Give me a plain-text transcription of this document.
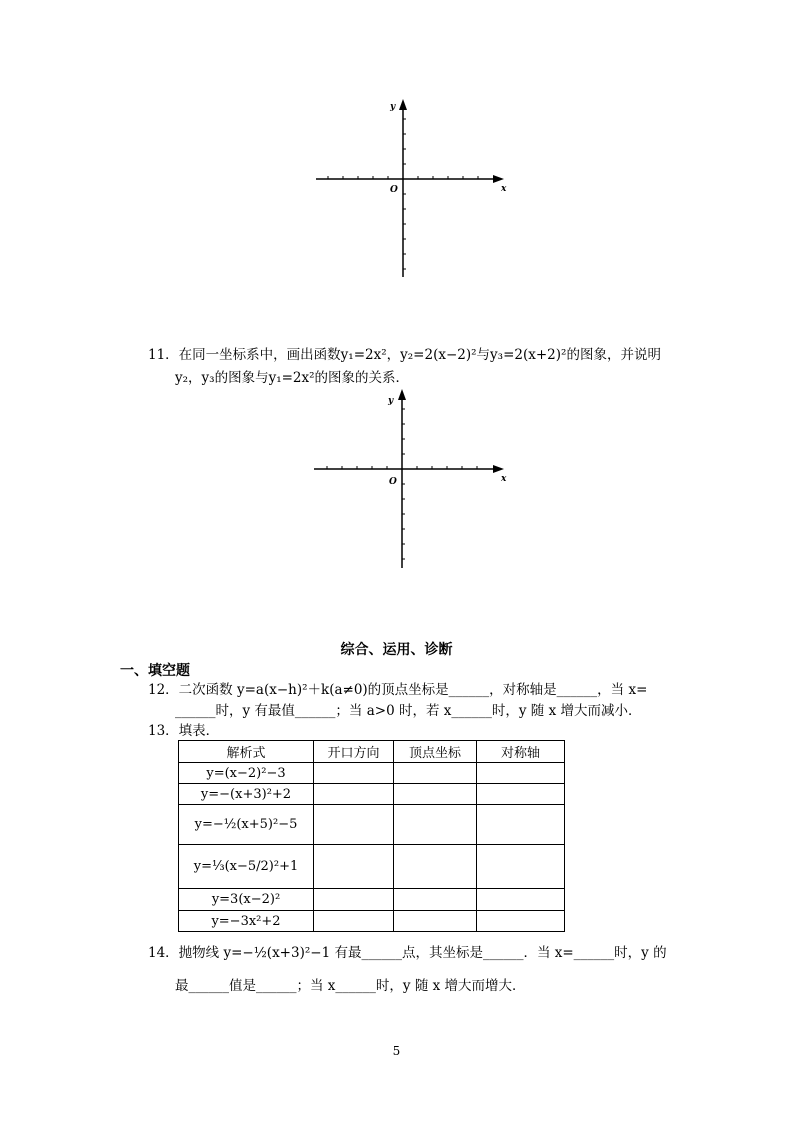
x
y
O
11．在同一坐标系中，画出函数y₁=2x²，y₂=2(x−2)²与y₃=2(x+2)²的图象，并说明
y₂，y₃的图象与y₁=2x²的图象的关系．
x
y
O
综合、运用、诊断
一、填空题
12．二次函数 y=a(x−h)²＋k(a≠0)的顶点坐标是______，对称轴是______，当 x=
______时，y 有最值______；当 a>0 时，若 x______时，y 随 x 增大而减小．
13．填表．
解析式	开口方向	顶点坐标	对称轴
y=(x−2)²−3			
y=−(x+3)²+2			
y=−½(x+5)²−5			
y=⅓(x−5/2)²+1			
y=3(x−2)²			
y=−3x²+2			
14．抛物线 y=−½(x+3)²−1 有最______点，其坐标是______．当 x=______时，y 的
最______值是______；当 x______时，y 随 x 增大而增大．
5
